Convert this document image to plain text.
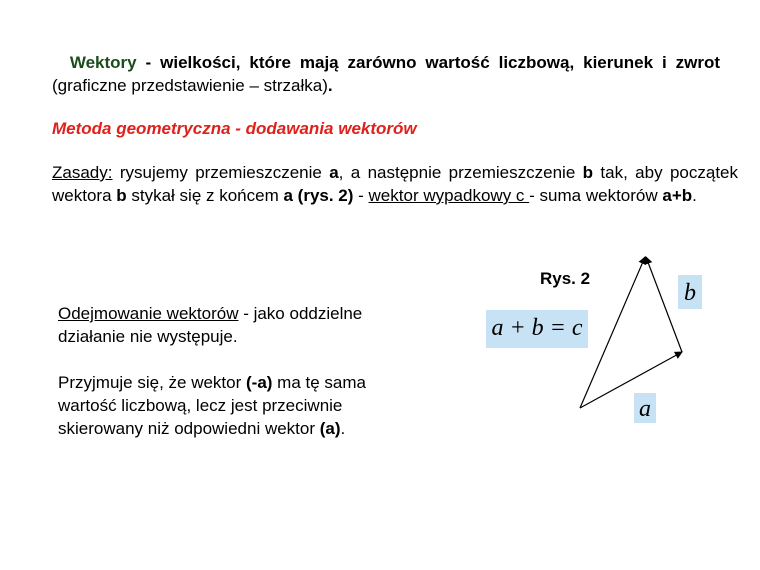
Wektory - wielkości, które mają zarówno wartość liczbową, kierunek i zwrot (graficzne przedstawienie – strzałka).
Metoda geometryczna - dodawania wektorów
Zasady: rysujemy przemieszczenie a, a następnie przemieszczenie b tak, aby początek wektora b stykał się z końcem a (rys. 2) - wektor wypadkowy c - suma wektorów a+b.
Rys. 2
Odejmowanie wektorów - jako oddzielne działanie nie występuje.
Przyjmuje się, że wektor (-a) ma tę sama wartość liczbową, lecz jest przeciwnie skierowany niż odpowiedni wektor (a).
a + b = c
b
a
